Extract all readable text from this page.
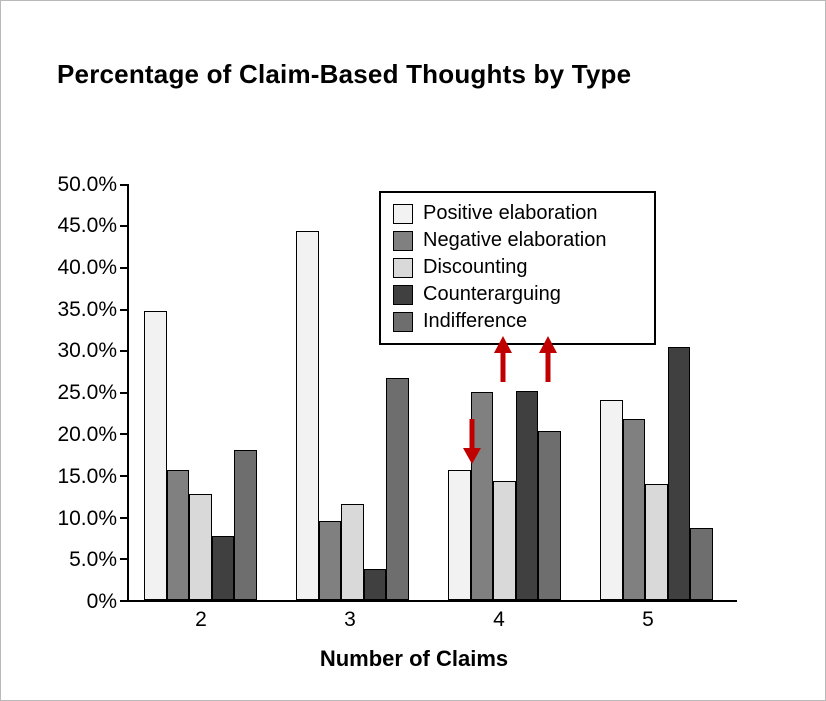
Percentage of Claim-Based Thoughts by Type
0%
5.0%
10.0%
15.0%
20.0%
25.0%
30.0%
35.0%
40.0%
45.0%
50.0%
2	3	4	5
Number of Claims
Positive elaboration
Negative elaboration
Discounting
Counterarguing
Indifference
